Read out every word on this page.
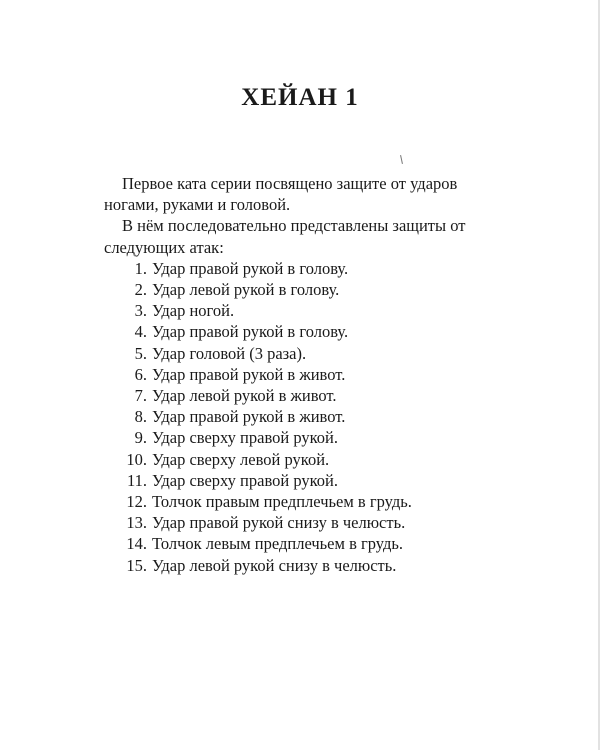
ХЕЙАН 1

Первое ката серии посвящено защите от ударов ногами, руками и головой.

В нём последовательно представлены защиты от следующих атак:

1. Удар правой рукой в голову.
2. Удар левой рукой в голову.
3. Удар ногой.
4. Удар правой рукой в голову.
5. Удар головой (3 раза).
6. Удар правой рукой в живот.
7. Удар левой рукой в живот.
8. Удар правой рукой в живот.
9. Удар сверху правой рукой.
10. Удар сверху левой рукой.
11. Удар сверху правой рукой.
12. Толчок правым предплечьем в грудь.
13. Удар правой рукой снизу в челюсть.
14. Толчок левым предплечьем в грудь.
15. Удар левой рукой снизу в челюсть.
